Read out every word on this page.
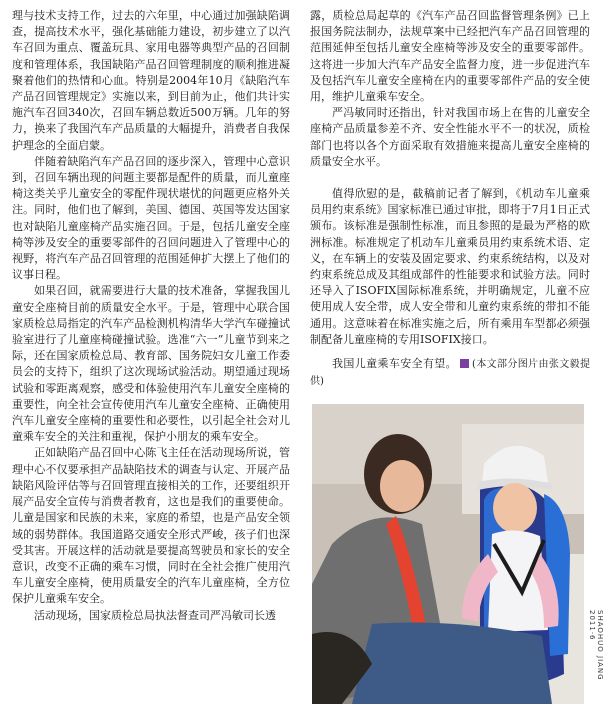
理与技术支持工作，过去的六年里，中心通过加强缺陷调查，提高技术水平，强化基础能力建设，初步建立了以汽车召回为重点、覆盖玩具、家用电器等典型产品的召回制度和管理体系，我国缺陷产品召回管理制度的顺利推进凝聚着他们的热情和心血。特别是2004年10月《缺陷汽车产品召回管理规定》实施以来，到目前为止，他们共计实施汽车召回340次，召回车辆总数近500万辆。几年的努力，换来了我国汽车产品质量的大幅提升，消费者自我保护理念的全面启蒙。

伴随着缺陷汽车产品召回的逐步深入，管理中心意识到，召回车辆出现的问题主要都是配件的质量，而儿童座椅这类关乎儿童安全的零配件现状堪忧的问题更应格外关注。同时，他们也了解到，美国、德国、英国等发达国家也对缺陷儿童座椅产品实施召回。于是，包括儿童安全座椅等涉及安全的重要零部件的召回问题进入了管理中心的视野，将汽车产品召回管理的范围延伸扩大摆上了他们的议事日程。

如果召回，就需要进行大量的技术准备，掌握我国儿童安全座椅目前的质量安全水平。于是，管理中心联合国家质检总局指定的汽车产品检测机构清华大学汽车碰撞试验室进行了儿童座椅碰撞试验。选准“六一”儿童节到来之际，还在国家质检总局、教育部、国务院妇女儿童工作委员会的支持下，组织了这次现场试验活动。期望通过现场试验和零距离观察，感受和体验使用汽车儿童安全座椅的重要性，向全社会宣传使用汽车儿童安全座椅、正确使用汽车儿童安全座椅的重要性和必要性，以引起全社会对儿童乘车安全的关注和重视，保护小朋友的乘车安全。

正如缺陷产品召回中心陈飞主任在活动现场所说，管理中心不仅要承担产品缺陷技术的调查与认定、开展产品缺陷风险评估等与召回管理直接相关的工作，还要组织开展产品安全宣传与消费者教育，这也是我们的重要使命。儿童是国家和民族的未来，家庭的希望，也是产品安全领域的弱势群体。我国道路交通安全形式严峻，孩子们也深受其害。开展这样的活动就是要提高驾驶员和家长的安全意识，改变不正确的乘车习惯，同时在全社会推广使用汽车儿童安全座椅，使用质量安全的汽车儿童座椅，全方位保护儿童乘车安全。

活动现场，国家质检总局执法督查司严冯敏司长透

露，质检总局起草的《汽车产品召回监督管理条例》已上报国务院法制办，法规草案中已经把汽车产品召回管理的范围延伸至包括儿童安全座椅等涉及安全的重要零部件。这将进一步加大汽车产品安全监督力度，进一步促进汽车及包括汽车儿童安全座椅在内的重要零部件产品的安全使用，维护儿童乘车安全。

严冯敏同时还指出，针对我国市场上在售的儿童安全座椅产品质量参差不齐、安全性能水平不一的状况，质检部门也将以各个方面采取有效措施来提高儿童安全座椅的质量安全水平。

值得欣慰的是，截稿前记者了解到，《机动车儿童乘员用约束系统》国家标准已通过审批，即将于7月1日正式颁布。该标准是强制性标准，而且参照的是最为严格的欧洲标准。标准规定了机动车儿童乘员用约束系统术语、定义，在车辆上的安装及固定要求、约束系统结构，以及对约束系统总成及其组成部件的性能要求和试验方法。同时还导入了ISOFIX国际标准系统，并明确规定，儿童不应使用成人安全带，成人安全带和儿童约束系统的带扣不能通用。这意味着在标准实施之后，所有乘用车型都必须强制配备儿童座椅的专用ISOFIX接口。

我国儿童乘车安全有望。 (本文部分图片由张文毅提供)
SHAOHUO JIANG 2011·6
